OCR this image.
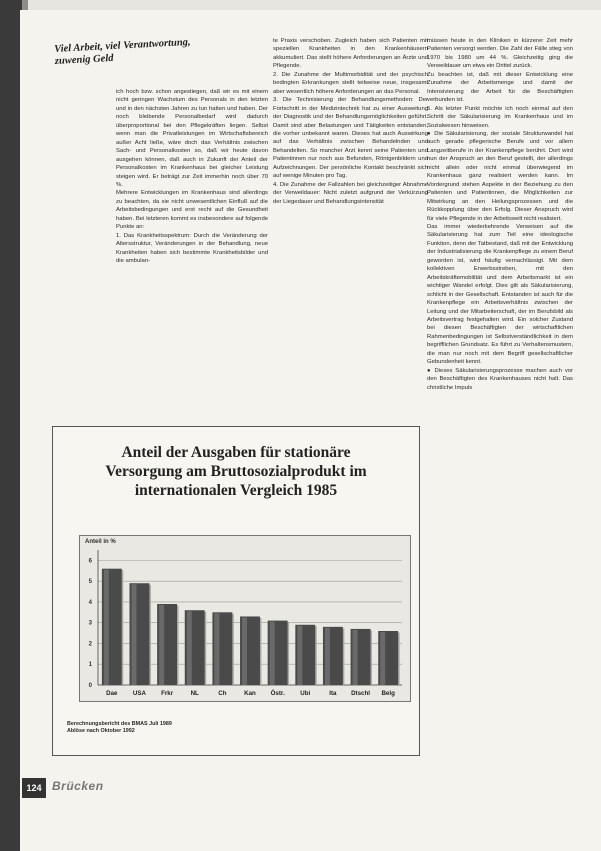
Viel Arbeit, viel Verantwortung,
zuwenig Geld

ich hoch bzw. schon angestiegen, daß wir es mit einem nicht geringen Wachstum des Personals in den letzten und in den nächsten Jahren zu tun hatten und haben. Der noch bleibende Personalbedarf wird dadurch überproportional bei den Pflegekräften liegen. Selbst wenn man die Privatleistungen im Wirtschaftsbereich außer Acht ließe, wäre doch das Verhältnis zwischen Sach- und Personalkosten so, daß wir heute davon ausgehen können, daß auch in Zukunft der Anteil der Personalkosten im Krankenhaus bei gleicher Leistung steigen wird. Er beträgt zur Zeit immerhin noch über 70 %.

Mehrere Entwicklungen im Krankenhaus sind allerdings zu beachten, da sie nicht unwesentlichen Einfluß auf die Arbeitsbedingungen und erst recht auf die Gesundheit haben. Bei letzteren kommt es insbesondere auf folgende Punkte an:

1. Das Krankheitsspektrum: Durch die Veränderung der Altersstruktur, Veränderungen in der Behandlung, neue Krankheiten haben sich bestimmte Krankheitsbilder und die ambulan-

te Praxis verschoben. Zugleich haben sich Patienten mit speziellen Krankheiten in den Krankenhäusern akkumuliert. Das stellt höhere Anforderungen an Ärzte und Pflegende.

2. Die Zunahme der Multimorbidität und der psychisch bedingten Erkrankungen stellt teilweise neue, insgesamt aber wesentlich höhere Anforderungen an das Personal.

3. Die Technisierung der Behandlungsmethoden: Der Fortschritt in der Medizintechnik hat zu einer Ausweitung der Diagnostik und der Behandlungsmöglichkeiten geführt. Damit sind aber Belastungen und Tätigkeiten entstanden, die vorher unbekannt waren. Dieses hat auch Auswirkung auf das Verhältnis zwischen Behandelnden und Behandelten. So mancher Arzt kennt seine Patienten und Patientinnen nur noch aus Befunden, Röntgenbildern und Aufzeichnungen. Der persönliche Kontakt beschränkt sich auf wenige Minuten pro Tag.

4. Die Zunahme der Fallzahlen bei gleichzeitiger Abnahme der Verweildauer: Nicht zuletzt aufgrund der Verkürzung der Liegedauer und Behandlungsintensität

müssen heute in den Kliniken in kürzerer Zeit mehr Patienten versorgt werden. Die Zahl der Fälle stieg von 1970 bis 1980 um 44 %. Gleichzeitig ging die Verweildauer um etwa ein Drittel zurück.

Zu beachten ist, daß mit dieser Entwicklung eine Zunahme der Arbeitsmenge und damit der Intensivierung der Arbeit für die Beschäftigten verbunden ist.

5. Als letzter Punkt möchte ich noch einmal auf den Schritt der Säkularisierung im Krankenhaus und im Sozialwesen hinweisen.

● Die Säkularisierung, der soziale Strukturwandel hat auch gerade pflegerische Berufe und vor allem Langzeitberufe in der Krankenpflege berührt. Dort wird nun der Anspruch an den Beruf gestellt, der allerdings nicht allein oder nicht einmal überwiegend im Krankenhaus ganz realisiert werden kann. Im Vordergrund stehen Aspekte in der Beziehung zu den Patienten und Patientinnen, die Möglichkeiten zur Mitwirkung an den Heilungsprozessen und die Rückkopplung über den Erfolg. Dieser Anspruch wird für viele Pflegende in der Arbeitswelt nicht realisiert.

Das immer wiederkehrende Verweisen auf die Säkularisierung hat zum Teil eine ideologische Funktion, denn der Tatbestand, daß mit der Entwicklung der Industrialisierung die Krankenpflege zu einem Beruf geworden ist, wird häufig vernachlässigt. Mit dem kollektiven Erwerbsstreben, mit den Arbeitskräftemobilität und dem Arbeitsmarkt ist ein wichtiger Wandel erfolgt. Dies gilt als Säkularisierung, schlicht in der Gesellschaft. Entstanden ist auch für die Krankenpflege ein Arbeitsverhältnis zwischen der Leitung und der Mitarbeiterschaft, der im Berufsbild als Arbeitsvertrag festgehalten wird. Ein solcher Zustand bei diesen Beschäftigten der wirtschaftlichen Rahmenbedingungen ist Selbstverständlichkeit in dem begrifflichen Grundsatz. Es führt zu Verhaltensmustern, die man nur noch mit dem Begriff gesellschaftlicher Gebundenheit kennt.

● Dieses Säkularisierungsprozesse machen auch vor den Beschäftigten des Krankenhauses nicht halt. Das christliche Impuls

Anteil der Ausgaben für stationäre
Versorgung am Bruttosozialprodukt im
internationalen Vergleich 1985
0
1
2
3
4
5
6
Dae USA Frkr	NL	Ch	Kan Östr.	Ubi	Ita Dtschl Belg
Anteil in %
Berechnungsbericht des BMAS Juli 1989
Ablöse nach Oktober 1992
124 Brücken
